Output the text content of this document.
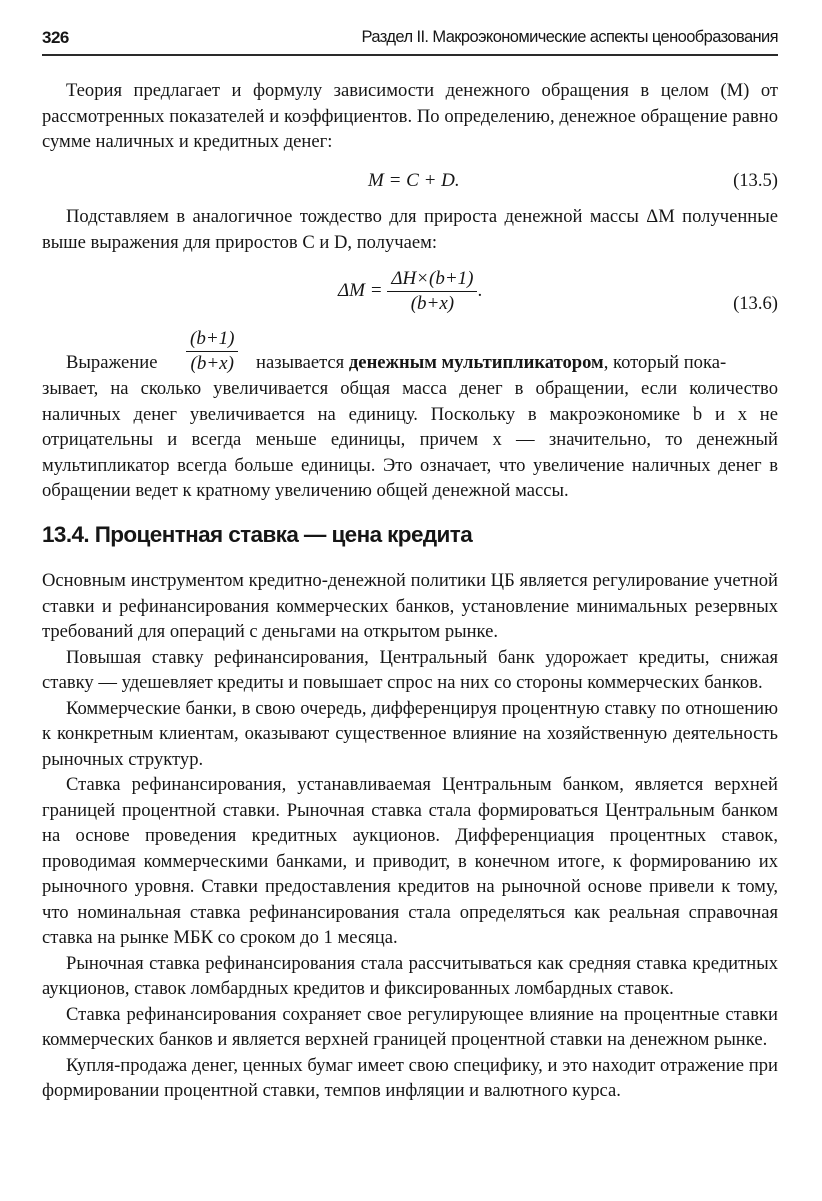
326	Раздел II. Макроэкономические аспекты ценообразования

Теория предлагает и формулу зависимости денежного обращения в целом (M) от рассмотренных показателей и коэффициентов. По определению, денежное обращение равно сумме наличных и кредитных денег:

M = C + D.	(13.5)

Подставляем в аналогичное тождество для прироста денежной массы ΔM полученные выше выражения для приростов C и D, получаем:

$\Delta M = \frac{\Delta H\times(b+1)}{(b+x)}$ .
(13.6)
$\frac{(b+1)}{(b+x)}$
Выражение	называется денежным мультипликатором, который пока-

зывает, на сколько увеличивается общая масса денег в обращении, если количество наличных денег увеличивается на единицу. Поскольку в макроэкономике b и x не отрицательны и всегда меньше единицы, причем x — значительно, то денежный мультипликатор всегда больше единицы. Это означает, что увеличение наличных денег в обращении ведет к кратному увеличению общей денежной массы.

13.4. Процентная ставка — цена кредита

Основным инструментом кредитно-денежной политики ЦБ является регулирование учетной ставки и рефинансирования коммерческих банков, установление минимальных резервных требований для операций с деньгами на открытом рынке.

Повышая ставку рефинансирования, Центральный банк удорожает кредиты, снижая ставку — удешевляет кредиты и повышает спрос на них со стороны коммерческих банков.

Коммерческие банки, в свою очередь, дифференцируя процентную ставку по отношению к конкретным клиентам, оказывают существенное влияние на хозяйственную деятельность рыночных структур.

Ставка рефинансирования, устанавливаемая Центральным банком, является верхней границей процентной ставки. Рыночная ставка стала формироваться Центральным банком на основе проведения кредитных аукционов. Дифференциация процентных ставок, проводимая коммерческими банками, и приводит, в конечном итоге, к формированию их рыночного уровня. Ставки предоставления кредитов на рыночной основе привели к тому, что номинальная ставка рефинансирования стала определяться как реальная справочная ставка на рынке МБК со сроком до 1 месяца.

Рыночная ставка рефинансирования стала рассчитываться как средняя ставка кредитных аукционов, ставок ломбардных кредитов и фиксированных ломбардных ставок.

Ставка рефинансирования сохраняет свое регулирующее влияние на процентные ставки коммерческих банков и является верхней границей процентной ставки на денежном рынке.

Купля-продажа денег, ценных бумаг имеет свою специфику, и это находит отражение при формировании процентной ставки, темпов инфляции и валютного курса.
